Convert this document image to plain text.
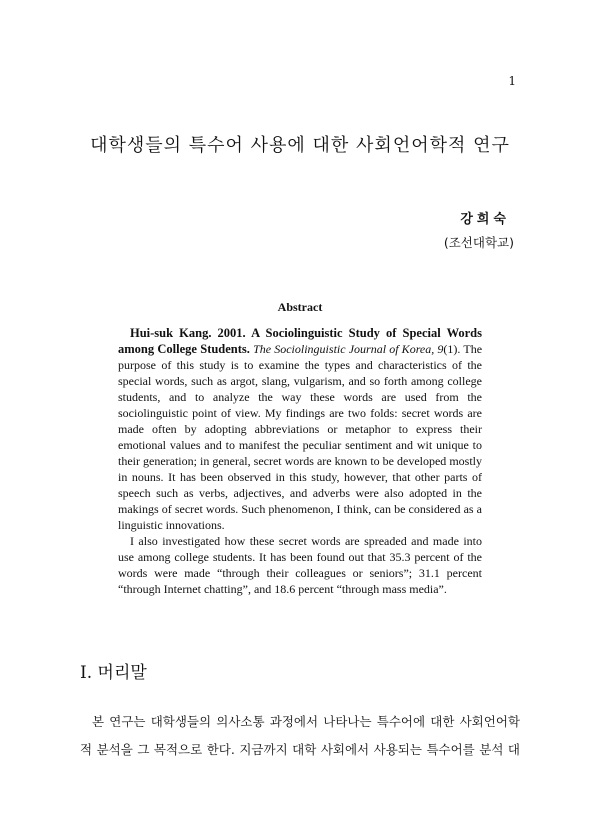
1
대학생들의 특수어 사용에 대한 사회언어학적 연구
강희숙
(조선대학교)
Abstract

Hui-suk Kang. 2001. A Sociolinguistic Study of Special Words among College Students. The Sociolinguistic Journal of Korea, 9(1). The purpose of this study is to examine the types and characteristics of the special words, such as argot, slang, vulgarism, and so forth among college students, and to analyze the way these words are used from the sociolinguistic point of view. My findings are two folds: secret words are made often by adopting abbreviations or metaphor to express their emotional values and to manifest the peculiar sentiment and wit unique to their generation; in general, secret words are known to be developed mostly in nouns. It has been observed in this study, however, that other parts of speech such as verbs, adjectives, and adverbs were also adopted in the makings of secret words. Such phenomenon, I think, can be considered as a linguistic innovations.

I also investigated how these secret words are spreaded and made into use among college students. It has been found out that 35.3 percent of the words were made “through their colleagues or seniors”; 31.1 percent “through Internet chatting”, and 18.6 percent “through mass media”.

I. 머리말
본 연구는 대학생들의 의사소통 과정에서 나타나는 특수어에 대한 사회언어학
적 분석을 그 목적으로 한다. 지금까지 대학 사회에서 사용되는 특수어를 분석 대
